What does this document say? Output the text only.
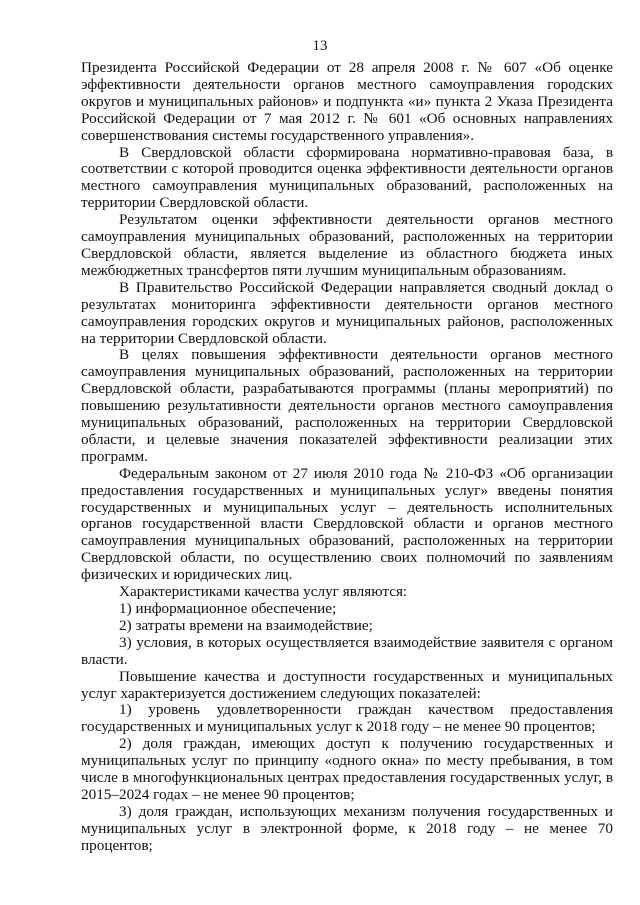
13

Президента Российской Федерации от 28 апреля 2008 г. № 607 «Об оценке эффективности деятельности органов местного самоуправления городских округов и муниципальных районов» и подпункта «и» пункта 2 Указа Президента Российской Федерации от 7 мая 2012 г. № 601 «Об основных направлениях совершенствования системы государственного управления».

В Свердловской области сформирована нормативно-правовая база, в соответствии с которой проводится оценка эффективности деятельности органов местного самоуправления муниципальных образований, расположенных на территории Свердловской области.

Результатом оценки эффективности деятельности органов местного самоуправления муниципальных образований, расположенных на территории Свердловской области, является выделение из областного бюджета иных межбюджетных трансфертов пяти лучшим муниципальным образованиям.

В Правительство Российской Федерации направляется сводный доклад о результатах мониторинга эффективности деятельности органов местного самоуправления городских округов и муниципальных районов, расположенных на территории Свердловской области.

В целях повышения эффективности деятельности органов местного самоуправления муниципальных образований, расположенных на территории Свердловской области, разрабатываются программы (планы мероприятий) по повышению результативности деятельности органов местного самоуправления муниципальных образований, расположенных на территории Свердловской области, и целевые значения показателей эффективности реализации этих программ.

Федеральным законом от 27 июля 2010 года № 210-ФЗ «Об организации предоставления государственных и муниципальных услуг» введены понятия государственных и муниципальных услуг – деятельность исполнительных органов государственной власти Свердловской области и органов местного самоуправления муниципальных образований, расположенных на территории Свердловской области, по осуществлению своих полномочий по заявлениям физических и юридических лиц.

Характеристиками качества услуг являются:

1) информационное обеспечение;

2) затраты времени на взаимодействие;

3) условия, в которых осуществляется взаимодействие заявителя с органом власти.

Повышение качества и доступности государственных и муниципальных услуг характеризуется достижением следующих показателей:

1) уровень удовлетворенности граждан качеством предоставления государственных и муниципальных услуг к 2018 году – не менее 90 процентов;

2) доля граждан, имеющих доступ к получению государственных и муниципальных услуг по принципу «одного окна» по месту пребывания, в том числе в многофункциональных центрах предоставления государственных услуг, в 2015–2024 годах – не менее 90 процентов;

3) доля граждан, использующих механизм получения государственных и муниципальных услуг в электронной форме, к 2018 году – не менее 70 процентов;
